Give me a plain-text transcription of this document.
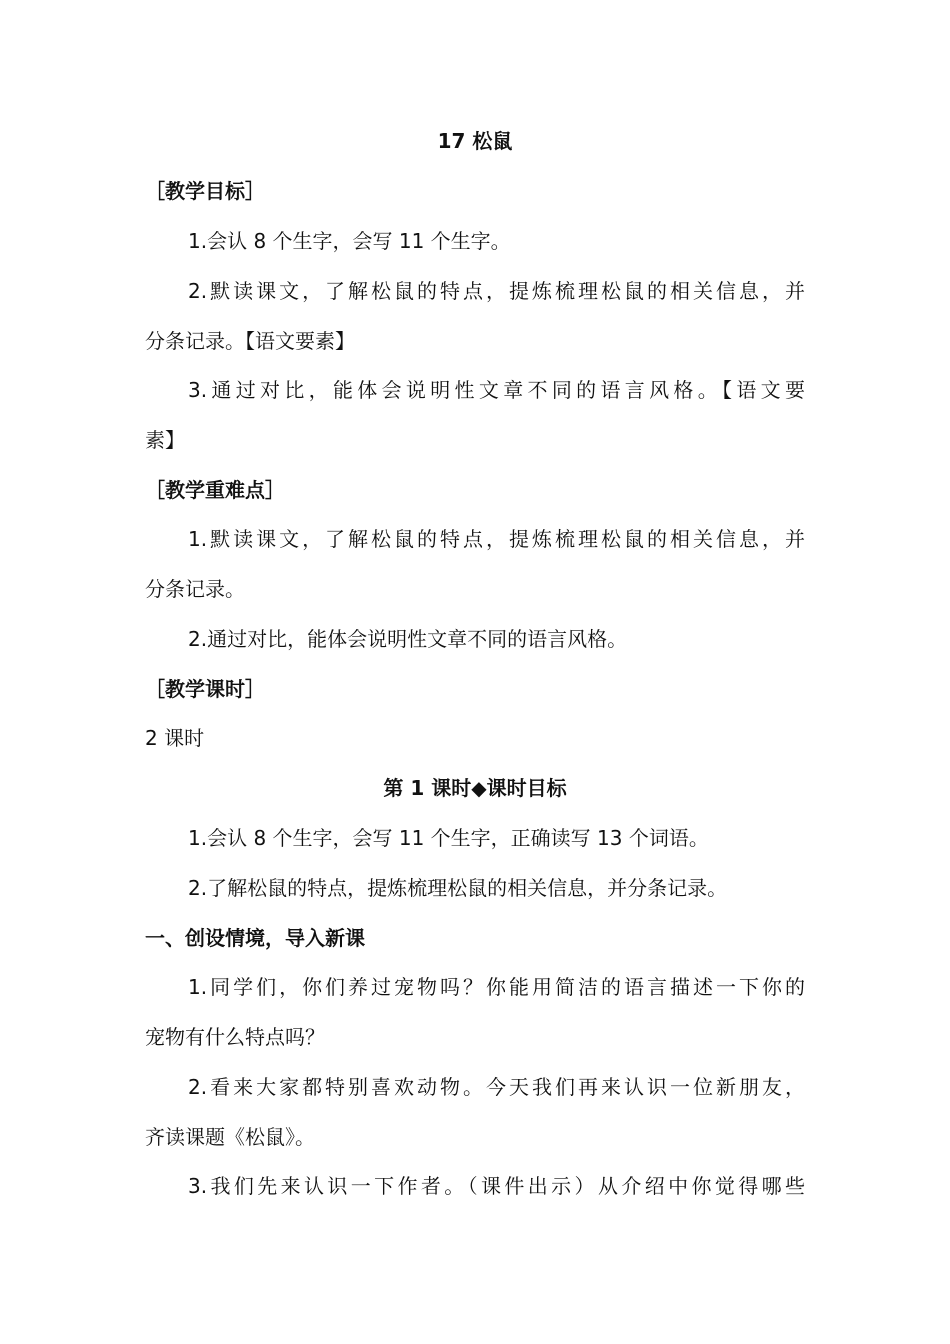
17 松鼠
［教学目标］
1.会认 8 个生字，会写 11 个生字。
2.默读课文，了解松鼠的特点，提炼梳理松鼠的相关信息，并
分条记录。【语文要素】
3.通过对比，能体会说明性文章不同的语言风格。【语文要
素】
［教学重难点］
1.默读课文，了解松鼠的特点，提炼梳理松鼠的相关信息，并
分条记录。
2.通过对比，能体会说明性文章不同的语言风格。
［教学课时］
2 课时
第 1 课时◆课时目标
1.会认 8 个生字，会写 11 个生字，正确读写 13 个词语。
2.了解松鼠的特点，提炼梳理松鼠的相关信息，并分条记录。
一、创设情境，导入新课
1.同学们，你们养过宠物吗？你能用简洁的语言描述一下你的
宠物有什么特点吗？
2.看来大家都特别喜欢动物。今天我们再来认识一位新朋友，
齐读课题《松鼠》。
3.我们先来认识一下作者。（课件出示）从介绍中你觉得哪些
